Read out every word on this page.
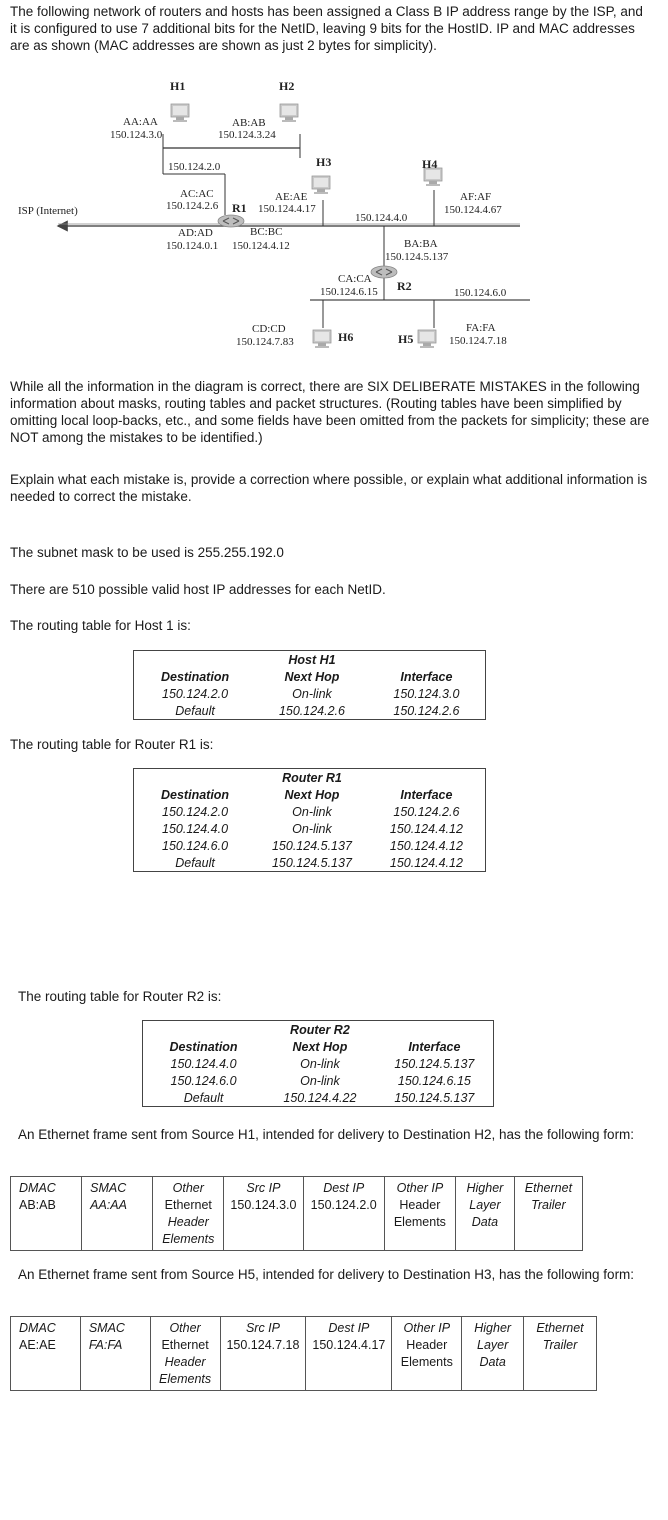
The following network of routers and hosts has been assigned a Class B IP address range by the ISP, and it is configured to use 7 additional bits for the NetID, leaving 9 bits for the HostID. IP and MAC addresses are as shown (MAC addresses are shown as just 2 bytes for simplicity).

H1	H2
AA:AA
150.124.3.0
AB:AB
150.124.3.24
150.124.2.0	H3	H4
AC:AC
150.124.2.6 R1
AE:AE
150.124.4.17
ISP (Internet)
150.124.4.0
AF:AF
150.124.4.67
AD:AD	BC:BC
150.124.0.1 150.124.4.12	BA:BA
150.124.5.137
CA:CA R2
150.124.6.15	150.124.6.0
CD:CD
150.124.7.83	H6	H5
FA:FA
150.124.7.18

While all the information in the diagram is correct, there are SIX DELIBERATE MISTAKES in the following information about masks, routing tables and packet structures. (Routing tables have been simplified by omitting local loop-backs, etc., and some fields have been omitted from the packets for simplicity; these are NOT among the mistakes to be identified.)

Explain what each mistake is, provide a correction where possible, or explain what additional information is needed to correct the mistake.

The subnet mask to be used is 255.255.192.0

There are 510 possible valid host IP addresses for each NetID.

The routing table for Host 1 is:

	Host H1	
Destination	Next Hop	Interface
150.124.2.0	On-link	150.124.3.0
Default	150.124.2.6	150.124.2.6

The routing table for Router R1 is:

	Router R1	
Destination	Next Hop	Interface
150.124.2.0	On-link	150.124.2.6
150.124.4.0	On-link	150.124.4.12
150.124.6.0	150.124.5.137	150.124.4.12
Default	150.124.5.137	150.124.4.12

The routing table for Router R2 is:

	Router R2	
Destination	Next Hop	Interface
150.124.4.0	On-link	150.124.5.137
150.124.6.0	On-link	150.124.6.15
Default	150.124.4.22	150.124.5.137

An Ethernet frame sent from Source H1, intended for delivery to Destination H2, has the following form:

DMAC
AB:AB

SMAC
AA:AA

Other
Ethernet
Header
Elements

Src IP
150.124.3.0

Dest IP
150.124.2.0

Other IP
Header
Elements

Higher
Layer
Data

Ethernet
Trailer

An Ethernet frame sent from Source H5, intended for delivery to Destination H3, has the following form:

DMAC
AE:AE

SMAC
FA:FA

Other
Ethernet
Header
Elements

Src IP
150.124.7.18

Dest IP
150.124.4.17

Other IP
Header
Elements

Higher
Layer
Data

Ethernet
Trailer
